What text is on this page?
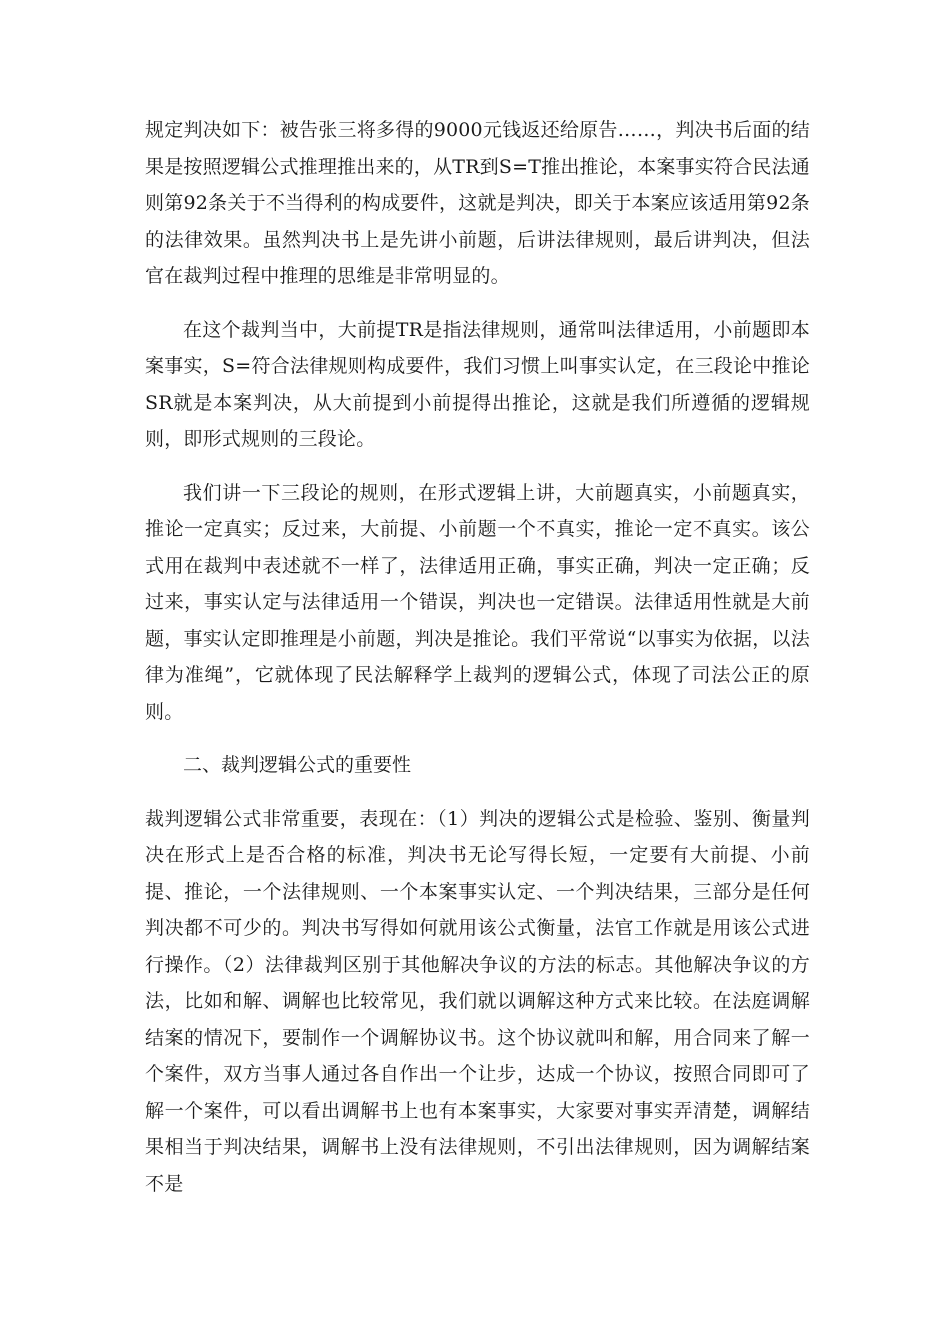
规定判决如下：被告张三将多得的9000元钱返还给原告……，判决书后面的结果是按照逻辑公式推理推出来的，从TR到S=T推出推论，本案事实符合民法通则第92条关于不当得利的构成要件，这就是判决，即关于本案应该适用第92条的法律效果。虽然判决书上是先讲小前题，后讲法律规则，最后讲判决，但法官在裁判过程中推理的思维是非常明显的。

在这个裁判当中，大前提TR是指法律规则，通常叫法律适用，小前题即本案事实，S=符合法律规则构成要件，我们习惯上叫事实认定，在三段论中推论SR就是本案判决，从大前提到小前提得出推论，这就是我们所遵循的逻辑规则，即形式规则的三段论。

我们讲一下三段论的规则，在形式逻辑上讲，大前题真实，小前题真实，推论一定真实；反过来，大前提、小前题一个不真实，推论一定不真实。该公式用在裁判中表述就不一样了，法律适用正确，事实正确，判决一定正确；反过来，事实认定与法律适用一个错误，判决也一定错误。法律适用性就是大前题，事实认定即推理是小前题，判决是推论。我们平常说“以事实为依据，以法律为准绳”，它就体现了民法解释学上裁判的逻辑公式，体现了司法公正的原则。

二、裁判逻辑公式的重要性

裁判逻辑公式非常重要，表现在：（1）判决的逻辑公式是检验、鉴别、衡量判决在形式上是否合格的标准，判决书无论写得长短，一定要有大前提、小前提、推论，一个法律规则、一个本案事实认定、一个判决结果，三部分是任何判决都不可少的。判决书写得如何就用该公式衡量，法官工作就是用该公式进行操作。（2）法律裁判区别于其他解决争议的方法的标志。其他解决争议的方法，比如和解、调解也比较常见，我们就以调解这种方式来比较。在法庭调解结案的情况下，要制作一个调解协议书。这个协议就叫和解，用合同来了解一个案件，双方当事人通过各自作出一个让步，达成一个协议，按照合同即可了解一个案件，可以看出调解书上也有本案事实，大家要对事实弄清楚，调解结果相当于判决结果，调解书上没有法律规则，不引出法律规则，因为调解结案不是
